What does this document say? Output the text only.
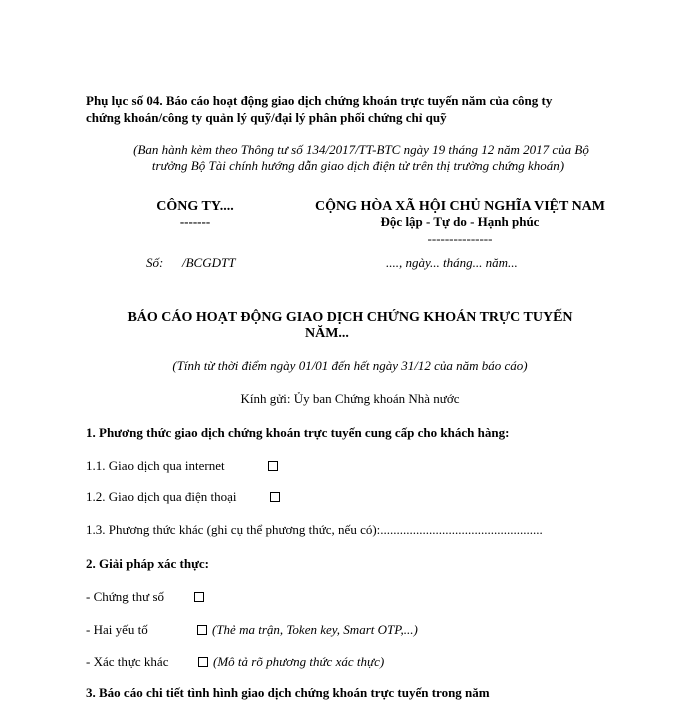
Phụ lục số 04. Báo cáo hoạt động giao dịch chứng khoán trực tuyến năm của công ty
chứng khoán/công ty quản lý quỹ/đại lý phân phối chứng chỉ quỹ
(Ban hành kèm theo Thông tư số 134/2017/TT-BTC ngày 19 tháng 12 năm 2017 của Bộ
trưởng Bộ Tài chính hướng dẫn giao dịch điện tử trên thị trường chứng khoán)
CÔNG TY....
-------
CỘNG HÒA XÃ HỘI CHỦ NGHĨA VIỆT NAM
Độc lập - Tự do - Hạnh phúc
---------------
Số: /BCGDTT	...., ngày... tháng... năm...
BÁO CÁO HOẠT ĐỘNG GIAO DỊCH CHỨNG KHOÁN TRỰC TUYẾN
NĂM...
(Tính từ thời điểm ngày 01/01 đến hết ngày 31/12 của năm báo cáo)
Kính gửi: Ủy ban Chứng khoán Nhà nước
1. Phương thức giao dịch chứng khoán trực tuyến cung cấp cho khách hàng:
1.1. Giao dịch qua internet
1.2. Giao dịch qua điện thoại
1.3. Phương thức khác (ghi cụ thể phương thức, nếu có):..................................................
2. Giải pháp xác thực:
- Chứng thư số
- Hai yếu tố	(Thẻ ma trận, Token key, Smart OTP,...)
- Xác thực khác	(Mô tả rõ phương thức xác thực)
3. Báo cáo chi tiết tình hình giao dịch chứng khoán trực tuyến trong năm
